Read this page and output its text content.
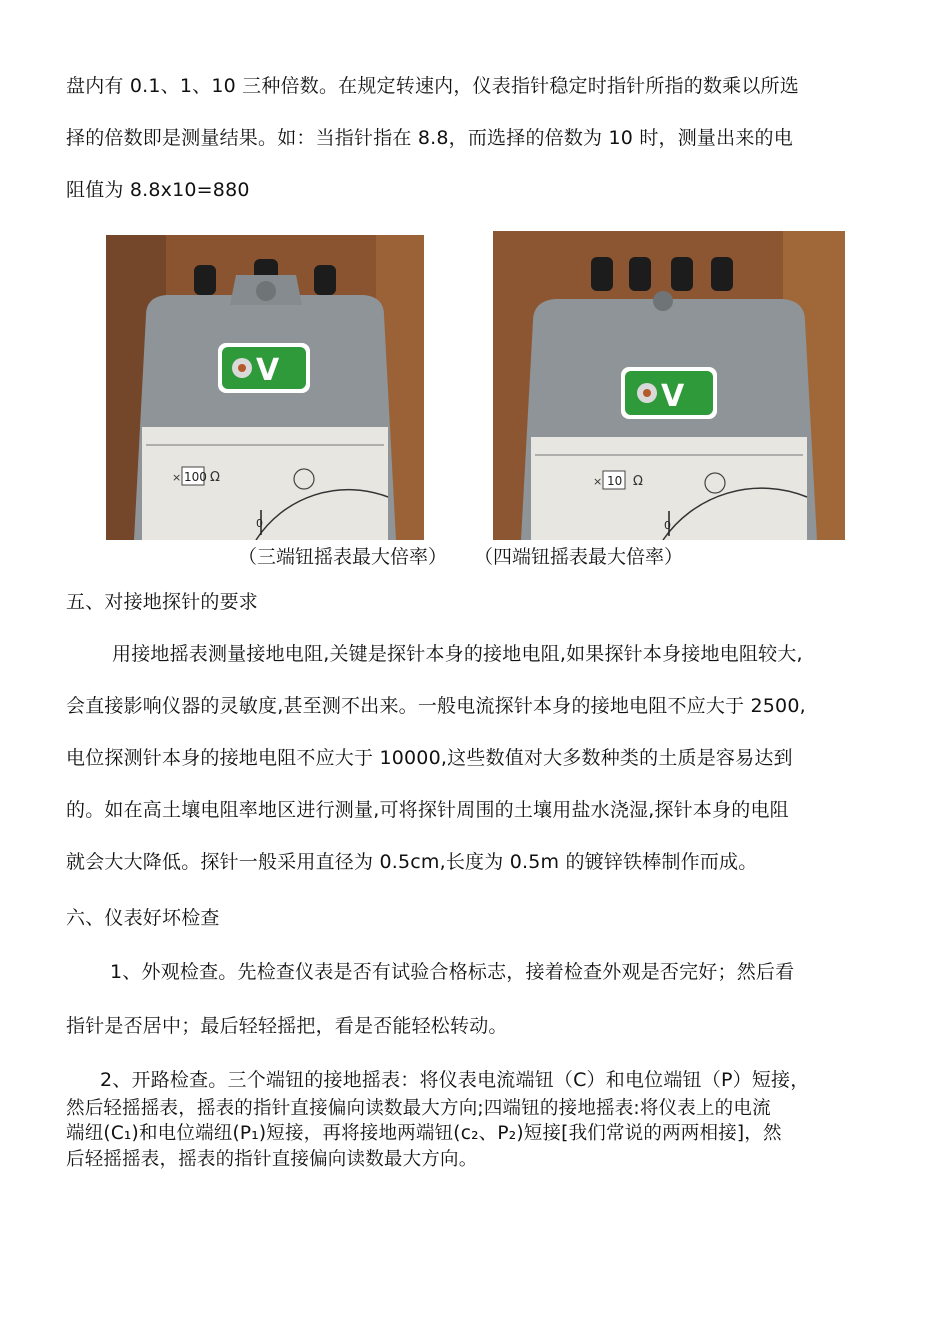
盘内有 0.1、1、10 三种倍数。在规定转速内，仪表指针稳定时指针所指的数乘以所选
择的倍数即是测量结果。如：当指针指在 8.8，而选择的倍数为 10 时，测量出来的电
阻值为 8.8x10=880
V
× 100 Ω
0
V
× 10 Ω
0
（三端钮摇表最大倍率） （四端钮摇表最大倍率）
五、对接地探针的要求
用接地摇表测量接地电阻,关键是探针本身的接地电阻,如果探针本身接地电阻较大,
会直接影响仪器的灵敏度,甚至测不出来。一般电流探针本身的接地电阻不应大于 2500,
电位探测针本身的接地电阻不应大于 10000,这些数值对大多数种类的土质是容易达到
的。如在高土壤电阻率地区进行测量,可将探针周围的土壤用盐水浇湿,探针本身的电阻
就会大大降低。探针一般采用直径为 0.5cm,长度为 0.5m 的镀锌铁棒制作而成。
六、仪表好坏检查
1、外观检查。先检查仪表是否有试验合格标志，接着检查外观是否完好；然后看
指针是否居中；最后轻轻摇把，看是否能轻松转动。
2、开路检查。三个端钮的接地摇表：将仪表电流端钮（C）和电位端钮（P）短接，
然后轻摇摇表，摇表的指针直接偏向读数最大方向;四端钮的接地摇表:将仪表上的电流
端纽(C₁)和电位端纽(P₁)短接，再将接地两端钮(c₂、P₂)短接[我们常说的两两相接]，然
后轻摇摇表，摇表的指针直接偏向读数最大方向。
